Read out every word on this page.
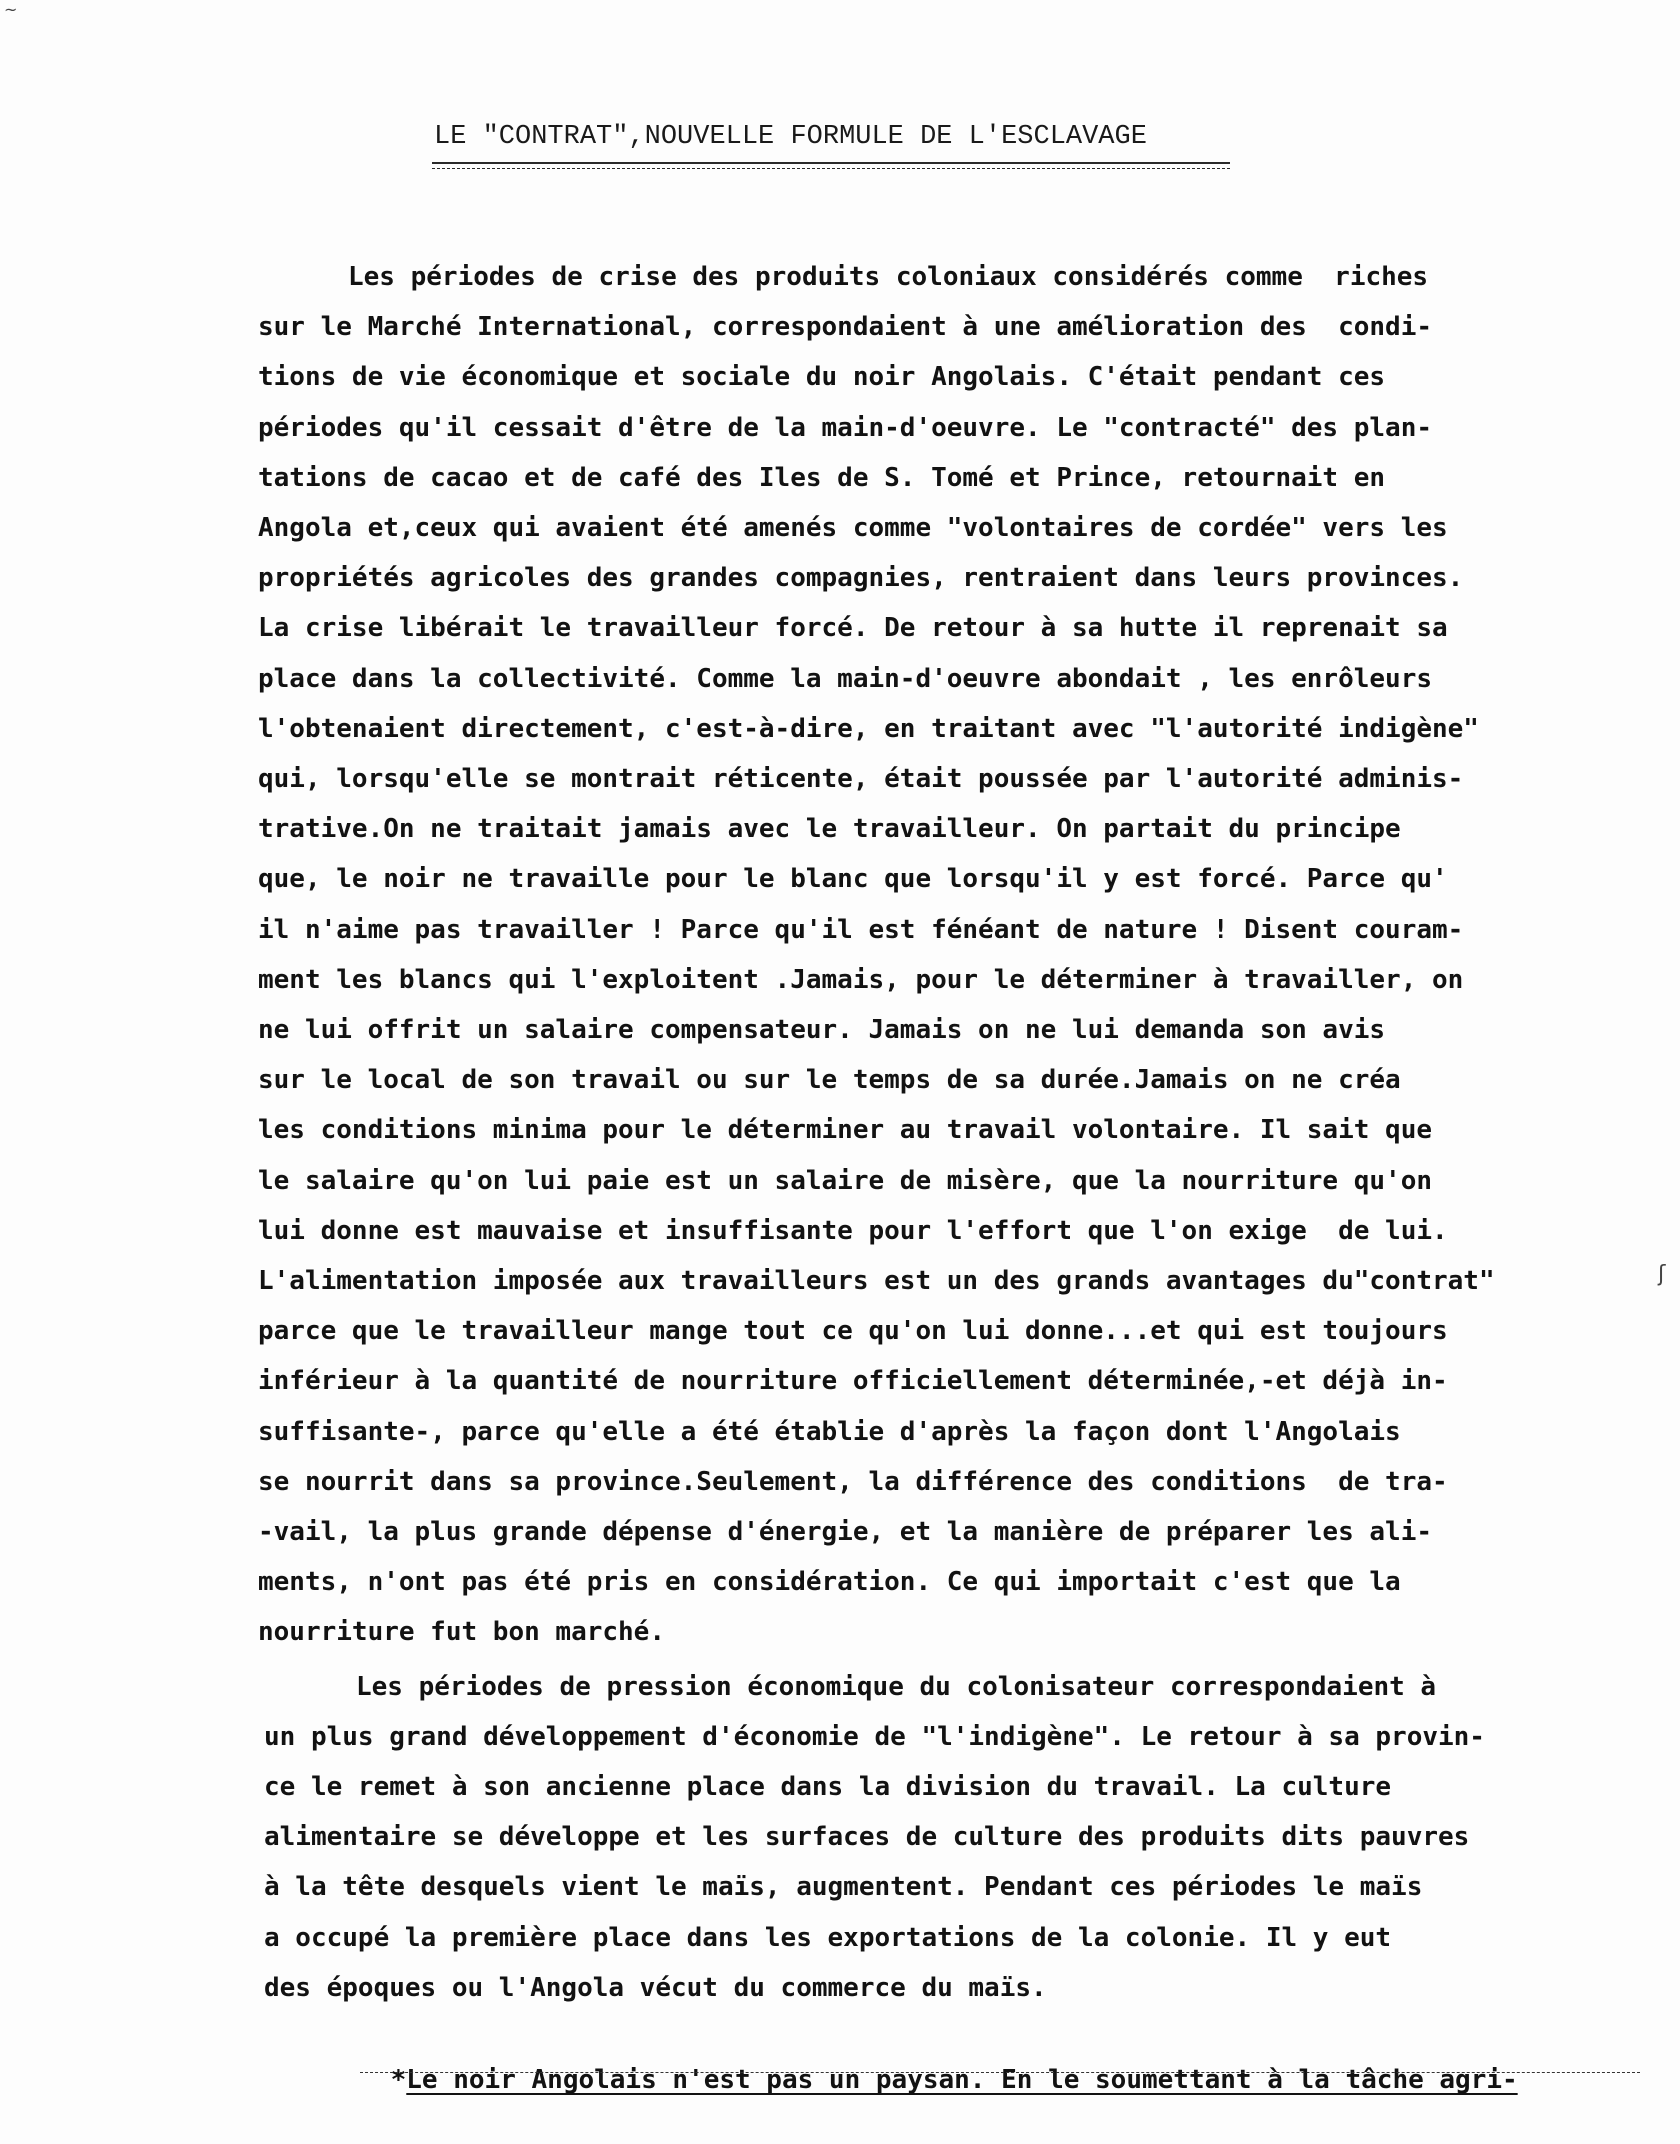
LE "CONTRAT",NOUVELLE FORMULE DE L'ESCLAVAGE
Les périodes de crise des produits coloniaux considérés comme  riches
sur le Marché International, correspondaient à une amélioration des  condi-
tions de vie économique et sociale du noir Angolais. C'était pendant ces
périodes qu'il cessait d'être de la main-d'oeuvre. Le "contracté" des plan-
tations de cacao et de café des Iles de S. Tomé et Prince, retournait en
Angola et,ceux qui avaient été amenés comme "volontaires de cordée" vers les
propriétés agricoles des grandes compagnies, rentraient dans leurs provinces.
La crise libérait le travailleur forcé. De retour à sa hutte il reprenait sa
place dans la collectivité. Comme la main-d'oeuvre abondait , les enrôleurs
l'obtenaient directement, c'est-à-dire, en traitant avec "l'autorité indigène"
qui, lorsqu'elle se montrait réticente, était poussée par l'autorité adminis-
trative.On ne traitait jamais avec le travailleur. On partait du principe
que, le noir ne travaille pour le blanc que lorsqu'il y est forcé. Parce qu'
il n'aime pas travailler ! Parce qu'il est fénéant de nature ! Disent couram-
ment les blancs qui l'exploitent .Jamais, pour le déterminer à travailler, on
ne lui offrit un salaire compensateur. Jamais on ne lui demanda son avis
sur le local de son travail ou sur le temps de sa durée.Jamais on ne créa
les conditions minima pour le déterminer au travail volontaire. Il sait que
le salaire qu'on lui paie est un salaire de misère, que la nourriture qu'on
lui donne est mauvaise et insuffisante pour l'effort que l'on exige  de lui.
L'alimentation imposée aux travailleurs est un des grands avantages du"contrat"
parce que le travailleur mange tout ce qu'on lui donne...et qui est toujours
inférieur à la quantité de nourriture officiellement déterminée,-et déjà in-
suffisante-, parce qu'elle a été établie d'après la façon dont l'Angolais
se nourrit dans sa province.Seulement, la différence des conditions  de tra-
-vail, la plus grande dépense d'énergie, et la manière de préparer les ali-
ments, n'ont pas été pris en considération. Ce qui importait c'est que la
nourriture fut bon marché.
Les périodes de pression économique du colonisateur correspondaient à
un plus grand développement d'économie de "l'indigène". Le retour à sa provin-
ce le remet à son ancienne place dans la division du travail. La culture
alimentaire se développe et les surfaces de culture des produits dits pauvres
à la tête desquels vient le maïs, augmentent. Pendant ces périodes le maïs
a occupé la première place dans les exportations de la colonie. Il y eut
des époques ou l'Angola vécut du commerce du maïs.

*Le noir Angolais n'est pas un paysan. En le soumettant à la tâche agri-

~
ʃ
